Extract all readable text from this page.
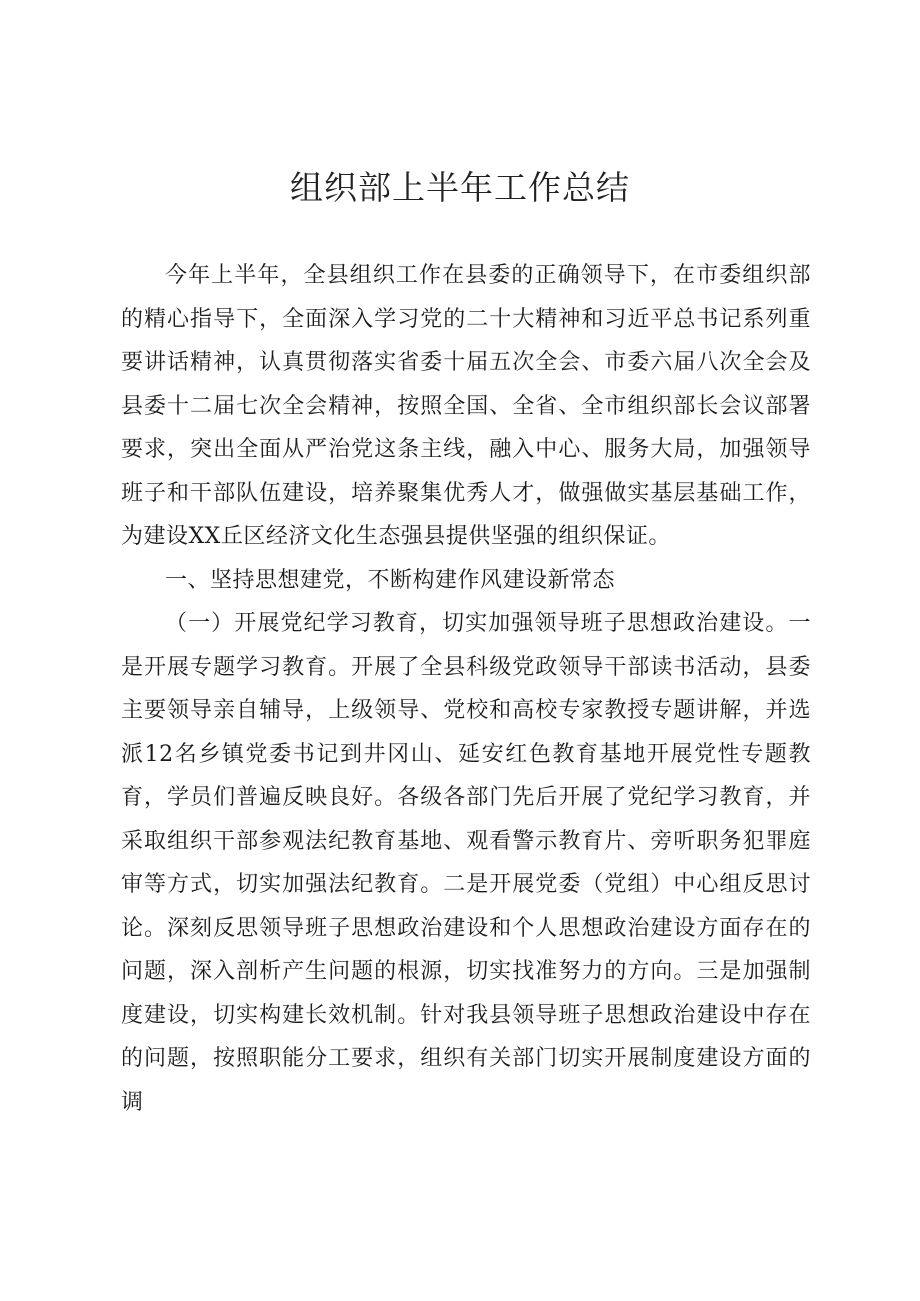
组织部上半年工作总结

今年上半年，全县组织工作在县委的正确领导下，在市委组织部的精心指导下，全面深入学习党的二十大精神和习近平总书记系列重要讲话精神，认真贯彻落实省委十届五次全会、市委六届八次全会及县委十二届七次全会精神，按照全国、全省、全市组织部长会议部署要求，突出全面从严治党这条主线，融入中心、服务大局，加强领导班子和干部队伍建设，培养聚集优秀人才，做强做实基层基础工作，为建设XX丘区经济文化生态强县提供坚强的组织保证。

一、坚持思想建党，不断构建作风建设新常态

（一）开展党纪学习教育，切实加强领导班子思想政治建设。一是开展专题学习教育。开展了全县科级党政领导干部读书活动，县委主要领导亲自辅导，上级领导、党校和高校专家教授专题讲解，并选派12名乡镇党委书记到井冈山、延安红色教育基地开展党性专题教育，学员们普遍反映良好。各级各部门先后开展了党纪学习教育，并采取组织干部参观法纪教育基地、观看警示教育片、旁听职务犯罪庭审等方式，切实加强法纪教育。二是开展党委（党组）中心组反思讨论。深刻反思领导班子思想政治建设和个人思想政治建设方面存在的问题，深入剖析产生问题的根源，切实找准努力的方向。三是加强制度建设，切实构建长效机制。针对我县领导班子思想政治建设中存在的问题，按照职能分工要求，组织有关部门切实开展制度建设方面的调
